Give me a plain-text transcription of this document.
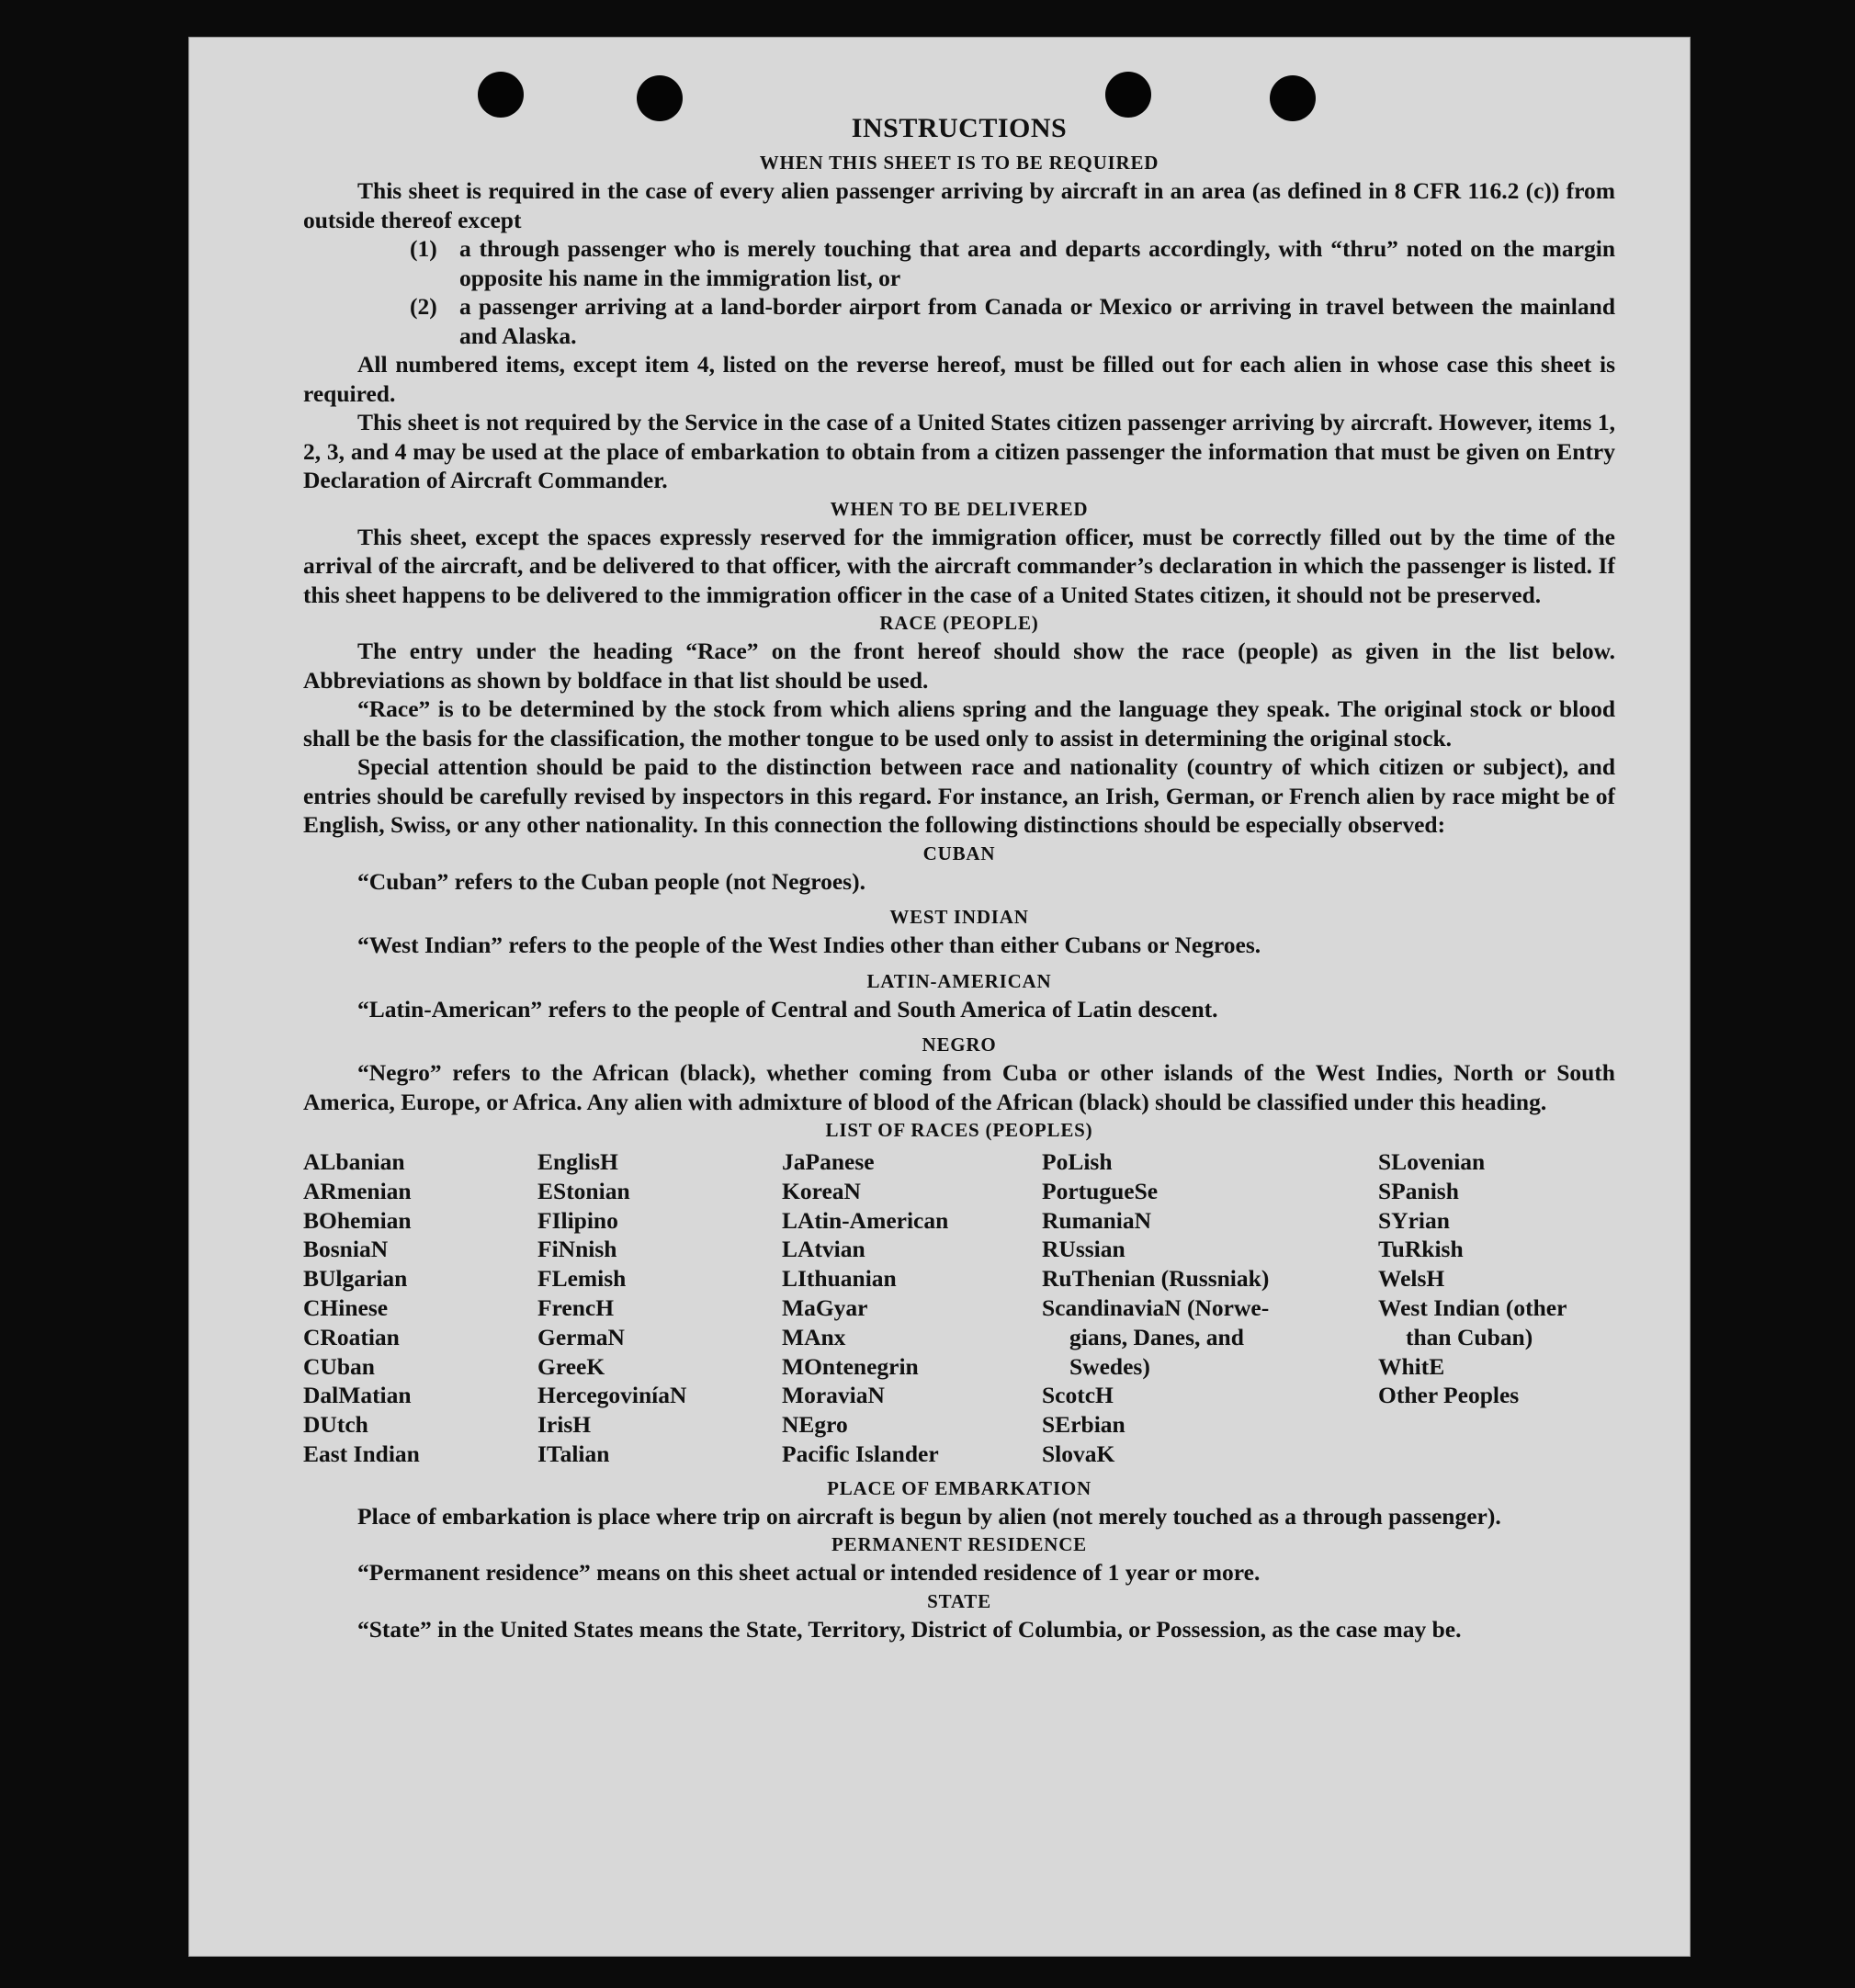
INSTRUCTIONS
WHEN THIS SHEET IS TO BE REQUIRED

This sheet is required in the case of every alien passenger arriving by aircraft in an area (as defined in 8 CFR 116.2 (c)) from outside thereof except

(1) a through passenger who is merely touching that area and departs accordingly, with “thru” noted on the margin opposite his name in the immigration list, or

(2) a passenger arriving at a land-border airport from Canada or Mexico or arriving in travel between the mainland and Alaska.

All numbered items, except item 4, listed on the reverse hereof, must be filled out for each alien in whose case this sheet is required.

This sheet is not required by the Service in the case of a United States citizen passenger arriving by aircraft. However, items 1, 2, 3, and 4 may be used at the place of embarkation to obtain from a citizen passenger the information that must be given on Entry Declaration of Aircraft Commander.

WHEN TO BE DELIVERED

This sheet, except the spaces expressly reserved for the immigration officer, must be correctly filled out by the time of the arrival of the aircraft, and be delivered to that officer, with the aircraft commander’s declaration in which the passenger is listed. If this sheet happens to be delivered to the immigration officer in the case of a United States citizen, it should not be preserved.

RACE (PEOPLE)

The entry under the heading “Race” on the front hereof should show the race (people) as given in the list below. Abbreviations as shown by boldface in that list should be used.

“Race” is to be determined by the stock from which aliens spring and the language they speak. The original stock or blood shall be the basis for the classification, the mother tongue to be used only to assist in determining the original stock.

Special attention should be paid to the distinction between race and nationality (country of which citizen or subject), and entries should be carefully revised by inspectors in this regard. For instance, an Irish, German, or French alien by race might be of English, Swiss, or any other nationality. In this connection the following distinctions should be especially observed:

CUBAN

“Cuban” refers to the Cuban people (not Negroes).

WEST INDIAN

“West Indian” refers to the people of the West Indies other than either Cubans or Negroes.

LATIN-AMERICAN

“Latin-American” refers to the people of Central and South America of Latin descent.

NEGRO

“Negro” refers to the African (black), whether coming from Cuba or other islands of the West Indies, North or South America, Europe, or Africa. Any alien with admixture of blood of the African (black) should be classified under this heading.

LIST OF RACES (PEOPLES)
ALbanian
ARmenian
BOhemian
BosniaN
BUlgarian
CHinese
CRoatian
CUban
DalMatian
DUtch
East Indian
EnglisH
EStonian
FIlipino
FiNnish
FLemish
FrencH
GermaN
GreeK
HercegoviníaN
IrisH
ITalian
JaPanese
KoreaN
LAtin-American
LAtvian
LIthuanian
MaGyar
MAnx
MOntenegrin
MoraviaN
NEgro
Pacific Islander
PoLish
PortugueSe
RumaniaN
RUssian
RuThenian (Russniak)
ScandinaviaN (Norwe-
gians, Danes, and
Swedes)
ScotcH
SErbian
SlovaK
SLovenian
SPanish
SYrian
TuRkish
WelsH
West Indian (other
than Cuban)
WhitE
Other Peoples
PLACE OF EMBARKATION

Place of embarkation is place where trip on aircraft is begun by alien (not merely touched as a through passenger).

PERMANENT RESIDENCE

“Permanent residence” means on this sheet actual or intended residence of 1 year or more.

STATE

“State” in the United States means the State, Territory, District of Columbia, or Possession, as the case may be.
